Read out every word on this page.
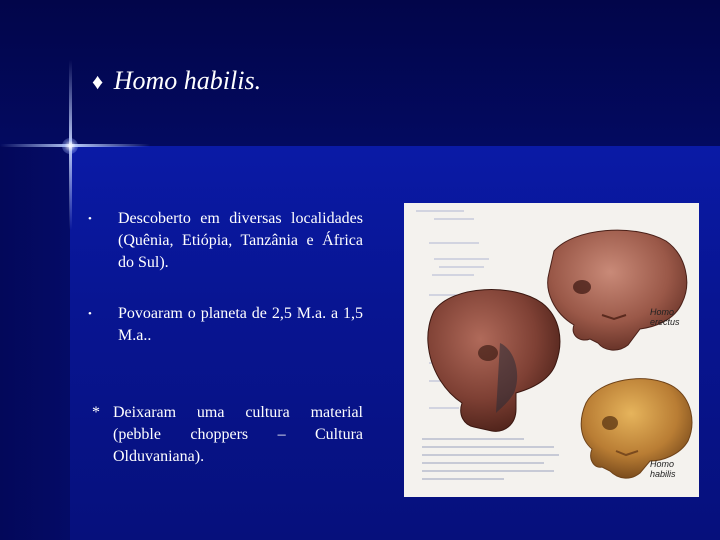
♦ Homo habilis.
• Descoberto em diversas localidades (Quênia, Etiópia, Tanzânia e África do Sul).
• Povoaram o planeta de 2,5 M.a. a 1,5 M.a..
* Deixaram uma cultura material (pebble choppers – Cultura Olduvaniana).
Homo
erectus
Homo
habilis
